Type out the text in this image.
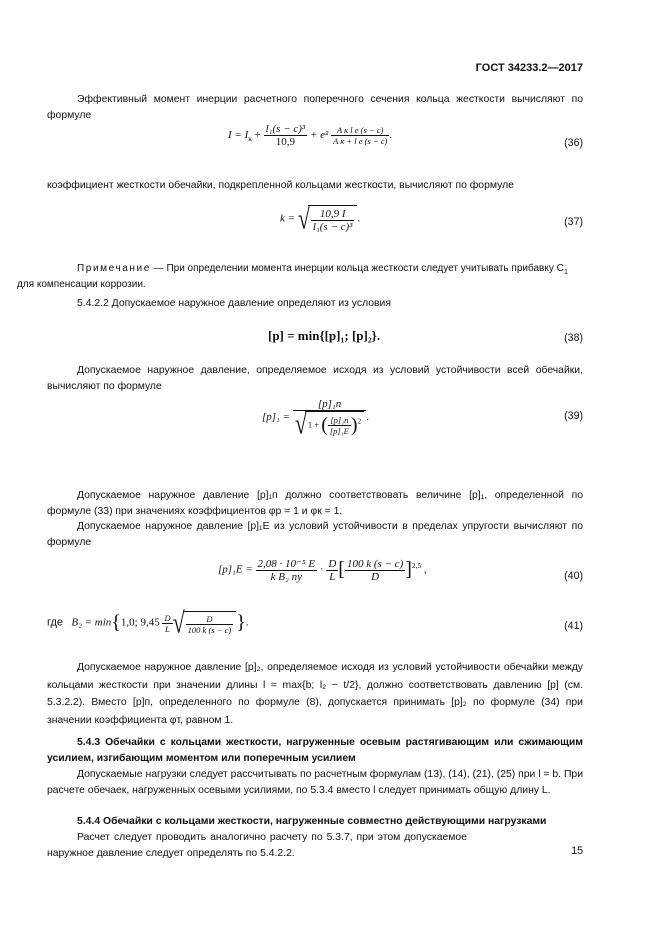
ГОСТ 34233.2—2017
Эффективный момент инерции расчетного поперечного сечения кольца жесткости вычисляют по формуле
$I = I_к + \frac{\text{l₁(s − c)³}}{10,9} + e^2 \frac{\text{A к l е (s − c)}}{\text{A к + l е (s − c)}}$ .
(36)
коэффициент жесткости обечайки, подкрепленной кольцами жесткости, вычисляют по формуле
k = √ $\frac{10,9 I}{\text{l₁(s − c)³}}$ .	(37)
Примечание — При определении момента инерции кольца жесткости следует учитывать прибавку $C_1$
для компенсации коррозии.
5.4.2.2 Допускаемое наружное давление определяют из условия
[p] = min{[p]₁; [p]₂}.	(38)
Допускаемое наружное давление, определяемое исходя из условий устойчивости всей обечайки, вычисляют по формуле
$[p]_1 = \frac{\text{[p]₁п}}{√1 + ( \frac{\text{[p]₁п}}{\text{[p]₁E}} )^2}$ .	(39)
Допускаемое наружное давление [p]₁п должно соответствовать величине [p]₁, определенной по формуле (33) при значениях коэффициентов φр = 1 и φк = 1.
Допускаемое наружное давление [p]₁E из условий устойчивости в пределах упругости вычисляют по формуле
$[p]_1E = \frac{\text{2,08 · 10⁻⁵ E}}{\text{k B₂ nу}} \cdot \frac{D}{L}$ [ $\frac{100 k (s - c)}{D} ]^{2,5}$ ,
(40)
где B₂ = min{1,0; $9,45 \frac{D}{L}$ √ $\frac{D}{100 k (s - c)}$ }.	(41)
Допускаемое наружное давление [p]₂, определяемое исходя из условий устойчивости обечайки между кольцами жесткости при значении длины l = max{b; l₂ − t/2}, должно соответствовать давлению [p] (см. 5.3.2.2). Вместо [p]п, определенного по формуле (8), допускается принимать [p]₂ по формуле (34) при значении коэффициента φт, равном 1.
5.4.3 Обечайки с кольцами жесткости, нагруженные осевым растягивающим или сжимающим усилием, изгибающим моментом или поперечным усилием
Допускаемые нагрузки следует рассчитывать по расчетным формулам (13), (14), (21), (25) при l = b. При расчете обечаек, нагруженных осевыми усилиями, по 5.3.4 вместо l следует принимать общую длину L.
5.4.4 Обечайки с кольцами жесткости, нагруженные совместно действующими нагрузками
Расчет следует проводить аналогично расчету по 5.3.7, при этом допускаемое наружное давление следует определять по 5.4.2.2.	15
